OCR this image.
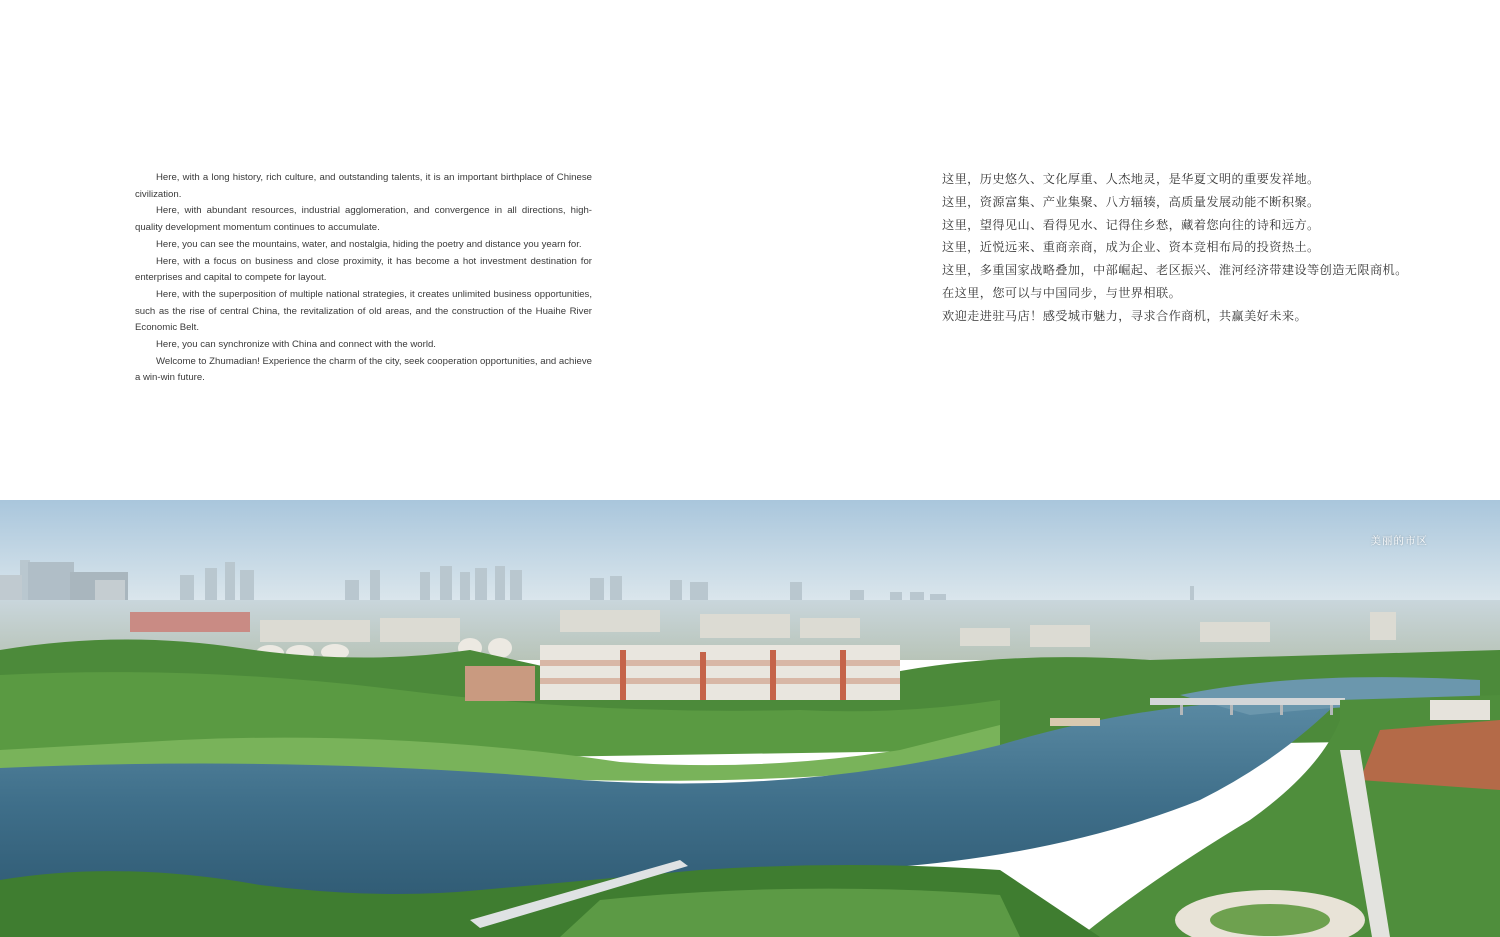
Here, with a long history, rich culture, and outstanding talents, it is an important birthplace of Chinese civilization.

Here, with abundant resources, industrial agglomeration, and convergence in all directions, high-quality development momentum continues to accumulate.

Here, you can see the mountains, water, and nostalgia, hiding the poetry and distance you yearn for.

Here, with a focus on business and close proximity, it has become a hot investment destination for enterprises and capital to compete for layout.

Here, with the superposition of multiple national strategies, it creates unlimited business opportunities, such as the rise of central China, the revitalization of old areas, and the construction of the Huaihe River Economic Belt.

Here, you can synchronize with China and connect with the world.

Welcome to Zhumadian! Experience the charm of the city, seek cooperation opportunities, and achieve a win-win future.

这里，历史悠久、文化厚重、人杰地灵，是华夏文明的重要发祥地。

这里，资源富集、产业集聚、八方辐辏，高质量发展动能不断积聚。

这里，望得见山、看得见水、记得住乡愁，藏着您向往的诗和远方。

这里，近悦远来、重商亲商，成为企业、资本竞相布局的投资热土。

这里，多重国家战略叠加，中部崛起、老区振兴、淮河经济带建设等创造无限商机。

在这里，您可以与中国同步，与世界相联。

欢迎走进驻马店！感受城市魅力，寻求合作商机，共赢美好未来。

美丽的市区
